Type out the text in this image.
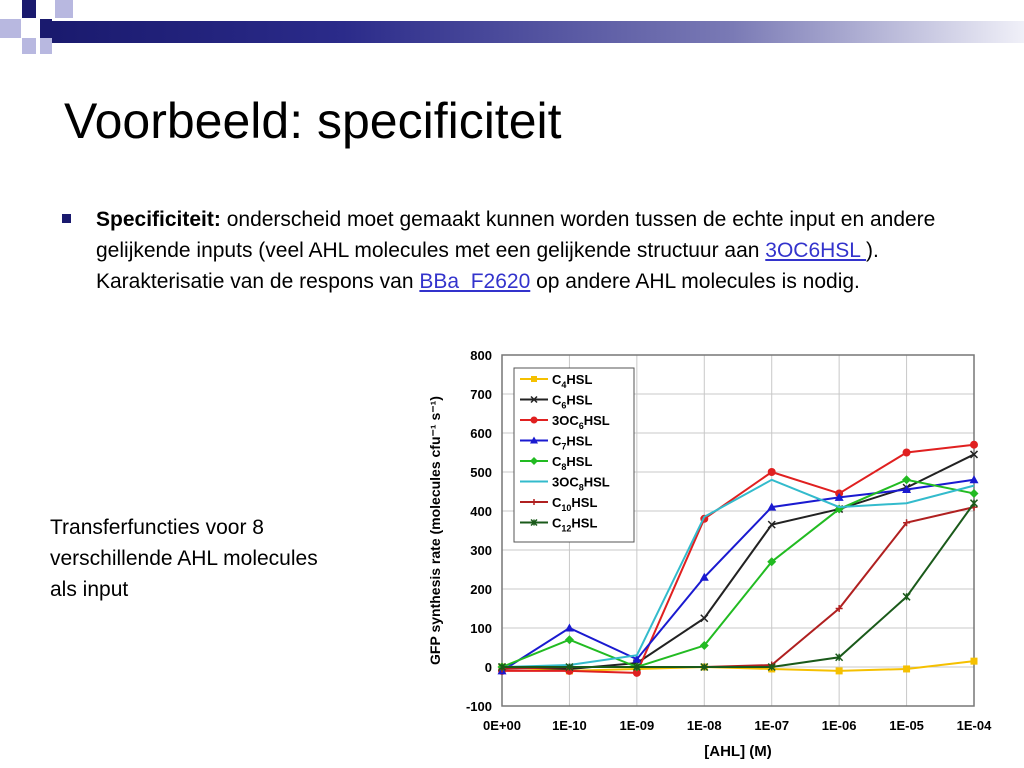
Voorbeeld: specificiteit
Specificiteit: onderscheid moet gemaakt kunnen worden tussen de echte input en andere gelijkende inputs (veel AHL molecules met een gelijkende structuur aan 3OC6HSL ). Karakterisatie van de respons van BBa_F2620 op andere AHL molecules is nodig.
Transferfuncties voor 8 verschillende AHL molecules als input
800
700
600
500
400
300
200
100
0
-100
0E+00 1E-10	1E-09	1E-08	1E-07	1E-06	1E-05	1E-04
GFP synthesis rate (molecules cfu⁻¹ s⁻¹)
[AHL] (M)
$C_4HSL$
$C_6HSL$
$3OC_6HSL$
$C_7HSL$
$C_8HSL$
$3OC_8HSL$
$C_{10}HSL$
$C_{12}HSL$
